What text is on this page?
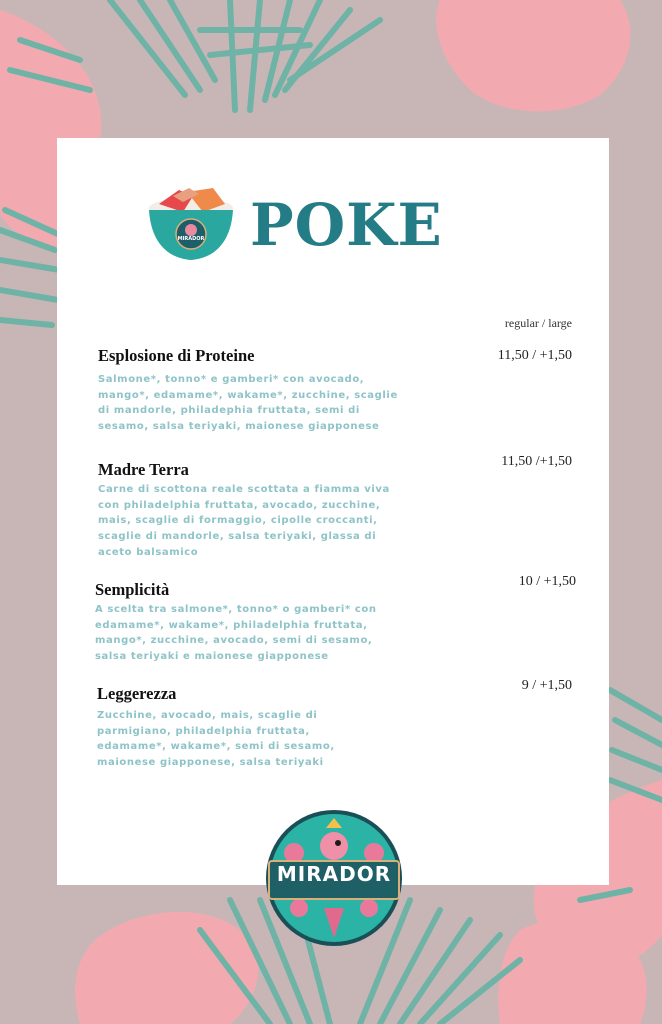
MIRADOR POKE
regular / large
Esplosione di Proteine	11,50 / +1,50
Salmone*, tonno* e gamberi* con avocado, mango*, edamame*, wakame*, zucchine, scaglie di mandorle, philadephia fruttata, semi di sesamo, salsa teriyaki, maionese giapponese
Madre Terra	11,50 /+1,50
Carne di scottona reale scottata a fiamma viva con philadelphia fruttata, avocado, zucchine, mais, scaglie di formaggio, cipolle croccanti, scaglie di mandorle, salsa teriyaki, glassa di aceto balsamico
Semplicità	10 / +1,50
A scelta tra salmone*, tonno* o gamberi* con edamame*, wakame*, philadelphia fruttata, mango*, zucchine, avocado, semi di sesamo, salsa teriyaki e maionese giapponese
Leggerezza	9 / +1,50
Zucchine, avocado, mais, scaglie di parmigiano, philadelphia fruttata, edamame*, wakame*, semi di sesamo, maionese giapponese, salsa teriyaki
MIRADOR
